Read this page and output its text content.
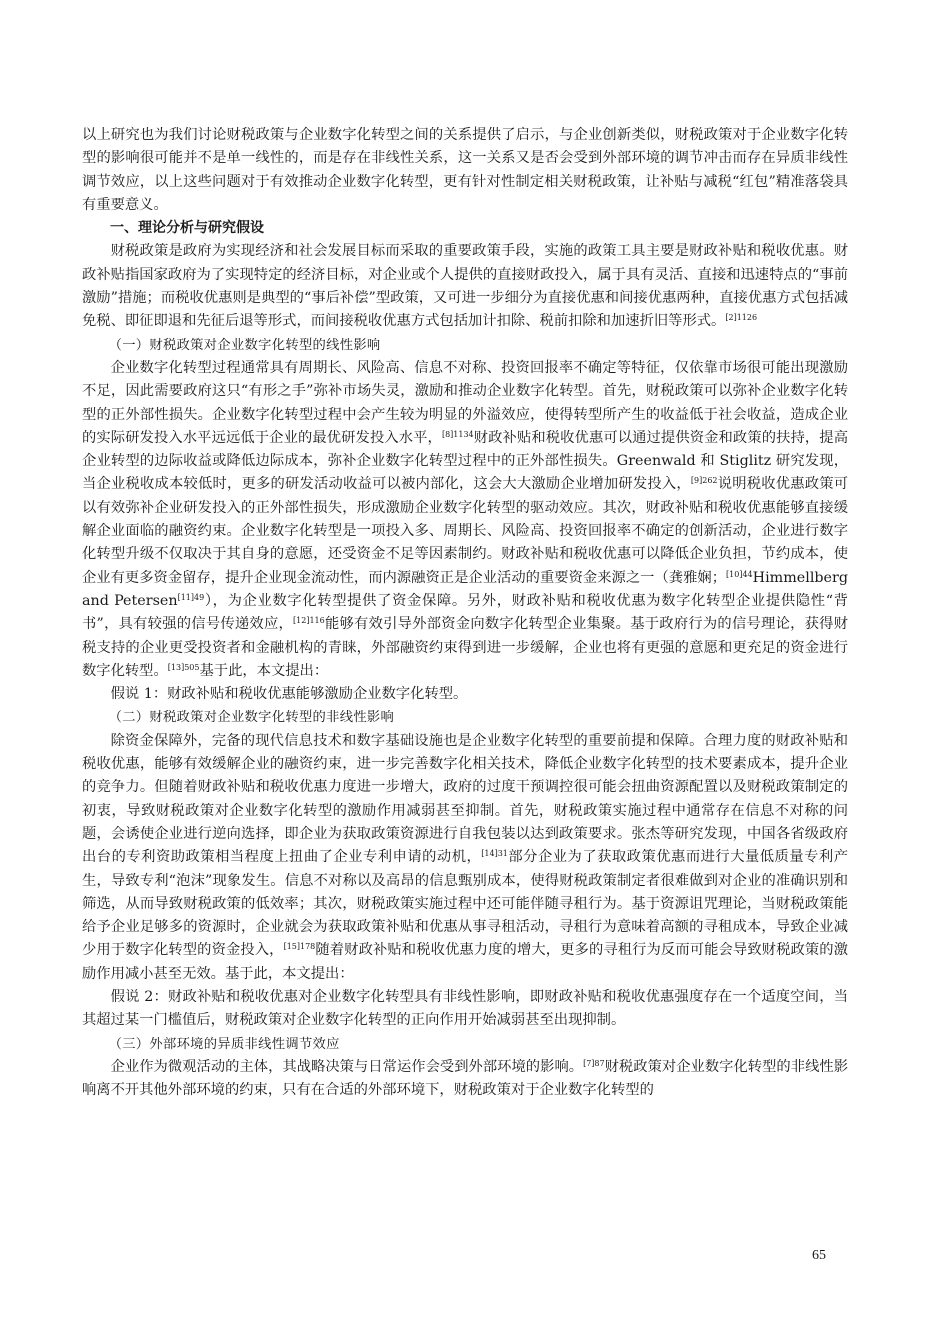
以上研究也为我们讨论财税政策与企业数字化转型之间的关系提供了启示，与企业创新类似，财税政策对于企业数字化转型的影响很可能并不是单一线性的，而是存在非线性关系，这一关系又是否会受到外部环境的调节冲击而存在异质非线性调节效应，以上这些问题对于有效推动企业数字化转型，更有针对性制定相关财税政策，让补贴与减税“红包”精准落袋具有重要意义。

一、理论分析与研究假设

财税政策是政府为实现经济和社会发展目标而采取的重要政策手段，实施的政策工具主要是财政补贴和税收优惠。财政补贴指国家政府为了实现特定的经济目标，对企业或个人提供的直接财政投入，属于具有灵活、直接和迅速特点的“事前激励”措施；而税收优惠则是典型的“事后补偿”型政策，又可进一步细分为直接优惠和间接优惠两种，直接优惠方式包括减免税、即征即退和先征后退等形式，而间接税收优惠方式包括加计扣除、税前扣除和加速折旧等形式。$^{[2]1126}$

（一）财税政策对企业数字化转型的线性影响

企业数字化转型过程通常具有周期长、风险高、信息不对称、投资回报率不确定等特征，仅依靠市场很可能出现激励不足，因此需要政府这只“有形之手”弥补市场失灵，激励和推动企业数字化转型。首先，财税政策可以弥补企业数字化转型的正外部性损失。企业数字化转型过程中会产生较为明显的外溢效应，使得转型所产生的收益低于社会收益，造成企业的实际研发投入水平远远低于企业的最优研发投入水平，$^{[8]1134}$财政补贴和税收优惠可以通过提供资金和政策的扶持，提高企业转型的边际收益或降低边际成本，弥补企业数字化转型过程中的正外部性损失。Greenwald 和 Stiglitz 研究发现，当企业税收成本较低时，更多的研发活动收益可以被内部化，这会大大激励企业增加研发投入，$^{[9]262}$说明税收优惠政策可以有效弥补企业研发投入的正外部性损失，形成激励企业数字化转型的驱动效应。其次，财政补贴和税收优惠能够直接缓解企业面临的融资约束。企业数字化转型是一项投入多、周期长、风险高、投资回报率不确定的创新活动，企业进行数字化转型升级不仅取决于其自身的意愿，还受资金不足等因素制约。财政补贴和税收优惠可以降低企业负担，节约成本，使企业有更多资金留存，提升企业现金流动性，而内源融资正是企业活动的重要资金来源之一（龚雅娴；$^{[10]44}$Himmellberg and Petersen$^{[11]49}$），为企业数字化转型提供了资金保障。另外，财政补贴和税收优惠为数字化转型企业提供隐性“背书”，具有较强的信号传递效应，$^{[12]116}$能够有效引导外部资金向数字化转型企业集聚。基于政府行为的信号理论，获得财税支持的企业更受投资者和金融机构的青睐，外部融资约束得到进一步缓解，企业也将有更强的意愿和更充足的资金进行数字化转型。$^{[13]505}$基于此，本文提出：

假说 1：财政补贴和税收优惠能够激励企业数字化转型。

（二）财税政策对企业数字化转型的非线性影响

除资金保障外，完备的现代信息技术和数字基础设施也是企业数字化转型的重要前提和保障。合理力度的财政补贴和税收优惠，能够有效缓解企业的融资约束，进一步完善数字化相关技术，降低企业数字化转型的技术要素成本，提升企业的竞争力。但随着财政补贴和税收优惠力度进一步增大，政府的过度干预调控很可能会扭曲资源配置以及财税政策制定的初衷，导致财税政策对企业数字化转型的激励作用减弱甚至抑制。首先，财税政策实施过程中通常存在信息不对称的问题，会诱使企业进行逆向选择，即企业为获取政策资源进行自我包装以达到政策要求。张杰等研究发现，中国各省级政府出台的专利资助政策相当程度上扭曲了企业专利申请的动机，$^{[14]31}$部分企业为了获取政策优惠而进行大量低质量专利产生，导致专利“泡沫”现象发生。信息不对称以及高昂的信息甄别成本，使得财税政策制定者很难做到对企业的准确识别和筛选，从而导致财税政策的低效率；其次，财税政策实施过程中还可能伴随寻租行为。基于资源诅咒理论，当财税政策能给予企业足够多的资源时，企业就会为获取政策补贴和优惠从事寻租活动，寻租行为意味着高额的寻租成本，导致企业减少用于数字化转型的资金投入，$^{[15]178}$随着财政补贴和税收优惠力度的增大，更多的寻租行为反而可能会导致财税政策的激励作用减小甚至无效。基于此，本文提出：

假说 2：财政补贴和税收优惠对企业数字化转型具有非线性影响，即财政补贴和税收优惠强度存在一个适度空间，当其超过某一门槛值后，财税政策对企业数字化转型的正向作用开始减弱甚至出现抑制。

（三）外部环境的异质非线性调节效应

企业作为微观活动的主体，其战略决策与日常运作会受到外部环境的影响。$^{[7]87}$财税政策对企业数字化转型的非线性影响离不开其他外部环境的约束，只有在合适的外部环境下，财税政策对于企业数字化转型的

65
